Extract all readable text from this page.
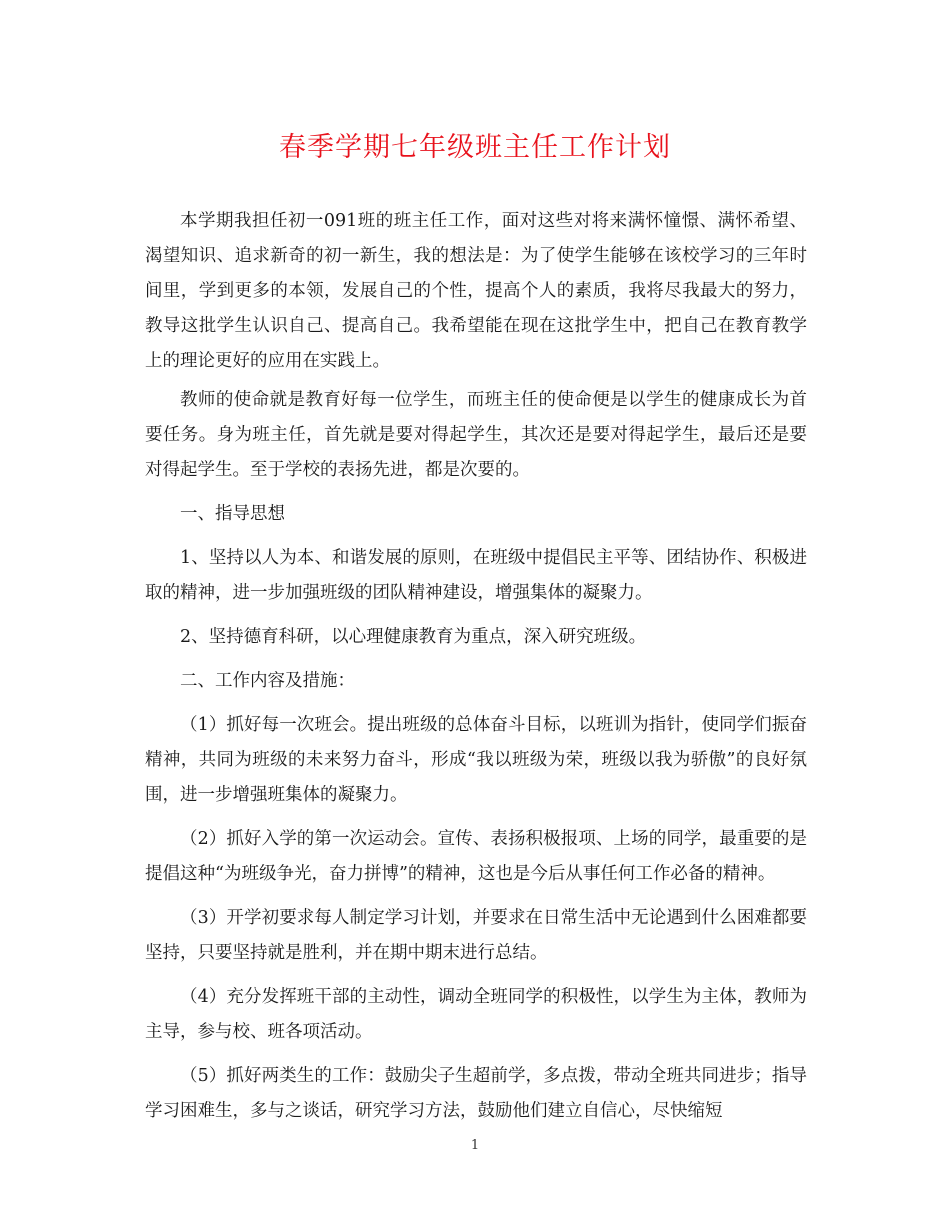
春季学期七年级班主任工作计划

本学期我担任初一091班的班主任工作，面对这些对将来满怀憧憬、满怀希望、渴望知识、追求新奇的初一新生，我的想法是：为了使学生能够在该校学习的三年时间里，学到更多的本领，发展自己的个性，提高个人的素质，我将尽我最大的努力，教导这批学生认识自己、提高自己。我希望能在现在这批学生中，把自己在教育教学上的理论更好的应用在实践上。

教师的使命就是教育好每一位学生，而班主任的使命便是以学生的健康成长为首要任务。身为班主任，首先就是要对得起学生，其次还是要对得起学生，最后还是要对得起学生。至于学校的表扬先进，都是次要的。

一、指导思想

1、坚持以人为本、和谐发展的原则，在班级中提倡民主平等、团结协作、积极进取的精神，进一步加强班级的团队精神建设，增强集体的凝聚力。

2、坚持德育科研，以心理健康教育为重点，深入研究班级。

二、工作内容及措施：

（1）抓好每一次班会。提出班级的总体奋斗目标，以班训为指针，使同学们振奋精神，共同为班级的未来努力奋斗，形成“我以班级为荣，班级以我为骄傲”的良好氛围，进一步增强班集体的凝聚力。

（2）抓好入学的第一次运动会。宣传、表扬积极报项、上场的同学，最重要的是提倡这种“为班级争光，奋力拼博”的精神，这也是今后从事任何工作必备的精神。

（3）开学初要求每人制定学习计划，并要求在日常生活中无论遇到什么困难都要坚持，只要坚持就是胜利，并在期中期末进行总结。

（4）充分发挥班干部的主动性，调动全班同学的积极性，以学生为主体，教师为主导，参与校、班各项活动。

（5）抓好两类生的工作：鼓励尖子生超前学，多点拨，带动全班共同进步；指导学习困难生，多与之谈话，研究学习方法，鼓励他们建立自信心，尽快缩短

1
